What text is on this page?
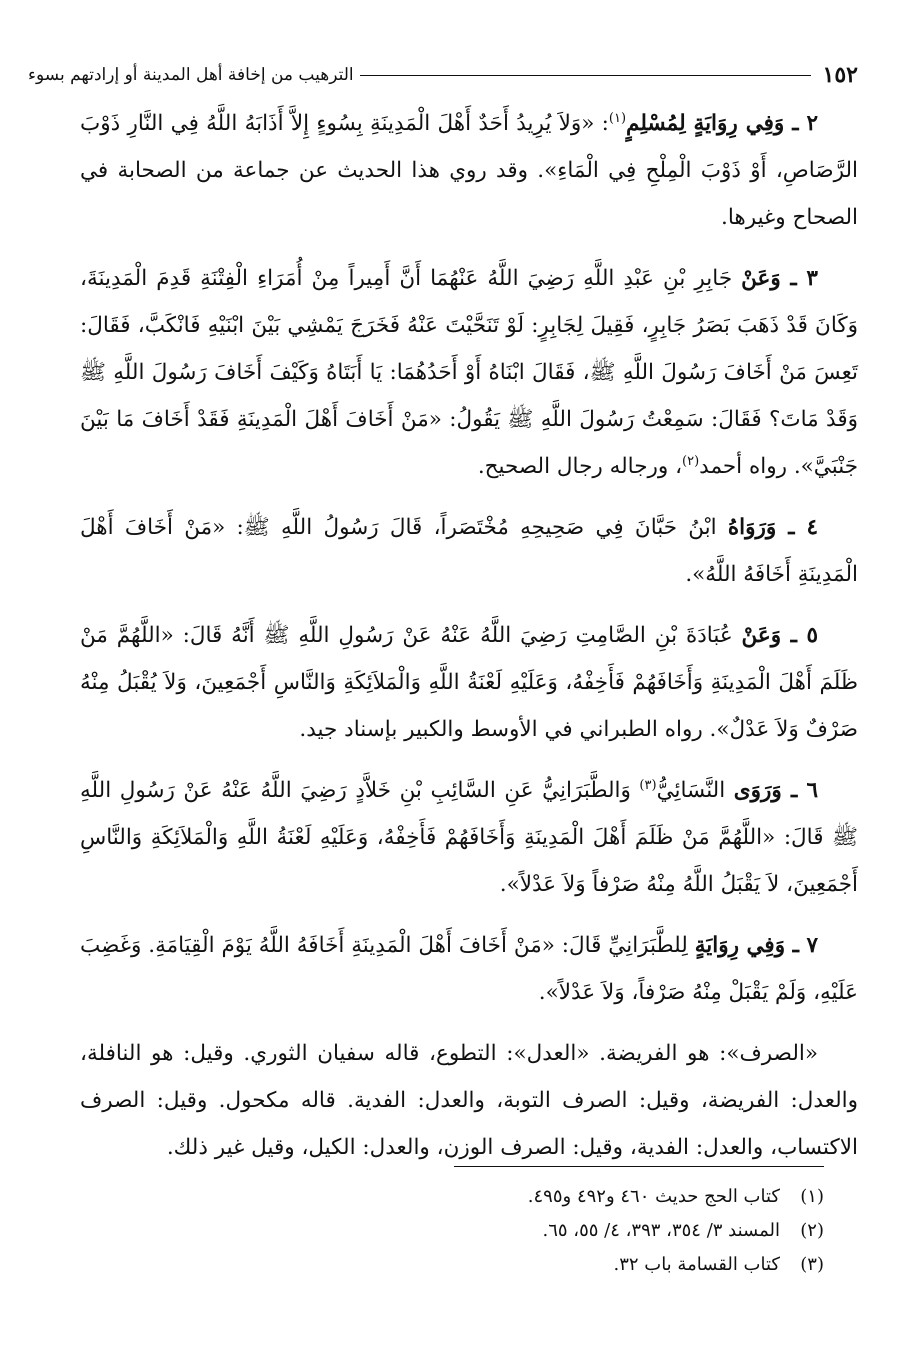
١٥٢
الترهيب من إخافة أهل المدينة أو إرادتهم بسوء

٢ ـ وَفِي رِوَايَةٍ لِمُسْلِمٍ$^{(١)}$: «وَلاَ يُرِيدُ أَحَدٌ أَهْلَ الْمَدِينَةِ بِسُوءٍ إِلاَّ أَذَابَهُ اللَّهُ فِي النَّارِ ذَوْبَ الرَّصَاصِ، أَوْ ذَوْبَ الْمِلْحِ فِي الْمَاءِ». وقد روي هذا الحديث عن جماعة من الصحابة في الصحاح وغيرها.

٣ ـ وَعَنْ جَابِرِ بْنِ عَبْدِ اللَّهِ رَضِيَ اللَّهُ عَنْهُمَا أَنَّ أَمِيراً مِنْ أُمَرَاءِ الْفِتْنَةِ قَدِمَ الْمَدِينَةَ، وَكَانَ قَدْ ذَهَبَ بَصَرُ جَابِرٍ، فَقِيلَ لِجَابِرٍ: لَوْ تَنَحَّيْتَ عَنْهُ فَخَرَجَ يَمْشِي بَيْنَ ابْنَيْهِ فَانْكَبَّ، فَقَالَ: تَعِسَ مَنْ أَخَافَ رَسُولَ اللَّهِ ﷺ، فَقَالَ ابْنَاهُ أَوْ أَحَدُهُمَا: يَا أَبَتَاهُ وَكَيْفَ أَخَافَ رَسُولَ اللَّهِ ﷺ وَقَدْ مَاتَ؟ فَقَالَ: سَمِعْتُ رَسُولَ اللَّهِ ﷺ يَقُولُ: «مَنْ أَخَافَ أَهْلَ الْمَدِينَةِ فَقَدْ أَخَافَ مَا بَيْنَ جَنْبَيَّ». رواه أحمد$^{(٢)}$، ورجاله رجال الصحيح.

٤ ـ وَرَوَاهُ ابْنُ حَبَّانَ فِي صَحِيحِهِ مُخْتَصَراً، قَالَ رَسُولُ اللَّهِ ﷺ: «مَنْ أَخَافَ أَهْلَ الْمَدِينَةِ أَخَافَهُ اللَّهُ».

٥ ـ وَعَنْ عُبَادَةَ بْنِ الصَّامِتِ رَضِيَ اللَّهُ عَنْهُ عَنْ رَسُولِ اللَّهِ ﷺ أَنَّهُ قَالَ: «اللَّهُمَّ مَنْ ظَلَمَ أَهْلَ الْمَدِينَةِ وَأَخَافَهُمْ فَأَخِفْهُ، وَعَلَيْهِ لَعْنَةُ اللَّهِ وَالْمَلاَئِكَةِ وَالنَّاسِ أَجْمَعِينَ، وَلاَ يُقْبَلُ مِنْهُ صَرْفٌ وَلاَ عَدْلٌ». رواه الطبراني في الأوسط والكبير بإسناد جيد.

٦ ـ وَرَوَى النَّسَائِيُّ$^{(٣)}$ وَالطَّبَرَانِيُّ عَنِ السَّائِبِ بْنِ خَلاَّدٍ رَضِيَ اللَّهُ عَنْهُ عَنْ رَسُولِ اللَّهِ ﷺ قَالَ: «اللَّهُمَّ مَنْ ظَلَمَ أَهْلَ الْمَدِينَةِ وَأَخَافَهُمْ فَأَخِفْهُ، وَعَلَيْهِ لَعْنَةُ اللَّهِ وَالْمَلاَئِكَةِ وَالنَّاسِ أَجْمَعِينَ، لاَ يَقْبَلُ اللَّهُ مِنْهُ صَرْفاً وَلاَ عَدْلاً».

٧ ـ وَفِي رِوَايَةٍ لِلطَّبَرَانِيِّ قَالَ: «مَنْ أَخَافَ أَهْلَ الْمَدِينَةِ أَخَافَهُ اللَّهُ يَوْمَ الْقِيَامَةِ. وَغَضِبَ عَلَيْهِ، وَلَمْ يَقْبَلْ مِنْهُ صَرْفاً، وَلاَ عَدْلاً».

«الصرف»: هو الفريضة. «العدل»: التطوع، قاله سفيان الثوري. وقيل: هو النافلة، والعدل: الفريضة، وقيل: الصرف التوبة، والعدل: الفدية. قاله مكحول. وقيل: الصرف الاكتساب، والعدل: الفدية، وقيل: الصرف الوزن، والعدل: الكيل، وقيل غير ذلك.

(١)
كتاب الحج حديث ٤٦٠ و٤٩٢ و٤٩٥.
(٢)
المسند ٣/ ٣٥٤، ٣٩٣، ٤/ ٥٥، ٦٥.
(٣)
كتاب القسامة باب ٣٢.
